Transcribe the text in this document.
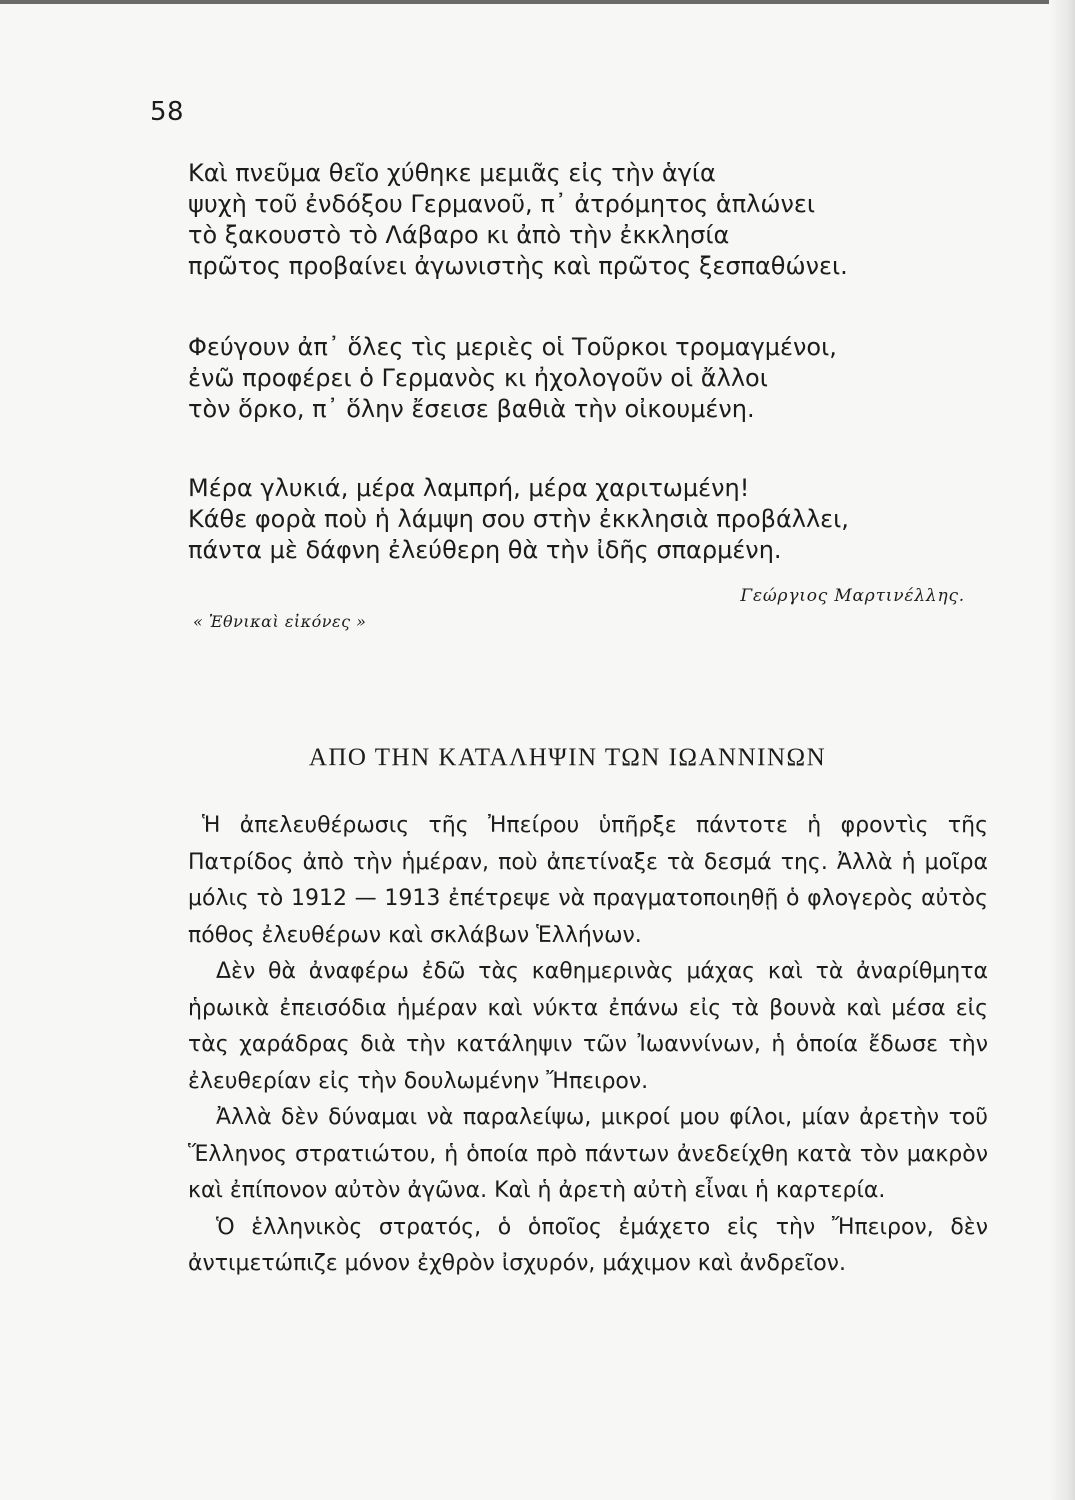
58
Καὶ πνεῦμα θεῖο χύθηκε μεμιᾶς εἰς τὴν ἁγία
ψυχὴ τοῦ ἐνδόξου Γερμανοῦ, π᾽ ἀτρόμητος ἁπλώνει
τὸ ξακουστὸ τὸ Λάβαρο κι ἀπὸ τὴν ἐκκλησία
πρῶτος προβαίνει ἀγωνιστὴς καὶ πρῶτος ξεσπαθώνει.
Φεύγουν ἀπ᾽ ὅλες τὶς μεριὲς οἱ Τοῦρκοι τρομαγμένοι,
ἐνῶ προφέρει ὁ Γερμανὸς κι ἠχολογοῦν οἱ ἄλλοι
τὸν ὅρκο, π᾽ ὅλην ἔσεισε βαθιὰ τὴν οἰκουμένη.
Μέρα γλυκιά, μέρα λαμπρή, μέρα χαριτωμένη!
Κάθε φορὰ ποὺ ἡ λάμψη σου στὴν ἐκκλησιὰ προβάλλει,
πάντα μὲ δάφνη ἐλεύθερη θὰ τὴν ἰδῆς σπαρμένη.
Γεώργιος Μαρτινέλλης.
« Ἐθνικαὶ εἰκόνες »
ΑΠΟ ΤΗΝ ΚΑΤΑΛΗΨΙΝ ΤΩΝ ΙΩΑΝΝΙΝΩΝ

Ἡ ἀπελευθέρωσις τῆς Ἠπείρου ὑπῆρξε πάντοτε ἡ φροντὶς τῆς Πατρίδος ἀπὸ τὴν ἡμέραν, ποὺ ἀπετίναξε τὰ δεσμά της. Ἀλλὰ ἡ μοῖρα μόλις τὸ 1912 — 1913 ἐπέτρεψε νὰ πραγματοποιηθῇ ὁ φλογερὸς αὐτὸς πόθος ἐλευθέρων καὶ σκλάβων Ἑλλήνων.

Δὲν θὰ ἀναφέρω ἐδῶ τὰς καθημερινὰς μάχας καὶ τὰ ἀναρίθμητα ἡρωικὰ ἐπεισόδια ἡμέραν καὶ νύκτα ἐπάνω εἰς τὰ βουνὰ καὶ μέσα εἰς τὰς χαράδρας διὰ τὴν κατάληψιν τῶν Ἰωαννίνων, ἡ ὁποία ἔδωσε τὴν ἐλευθερίαν εἰς τὴν δουλωμένην Ἤπειρον.

Ἀλλὰ δὲν δύναμαι νὰ παραλείψω, μικροί μου φίλοι, μίαν ἀρετὴν τοῦ Ἕλληνος στρατιώτου, ἡ ὁποία πρὸ πάντων ἀνεδείχθη κατὰ τὸν μακρὸν καὶ ἐπίπονον αὐτὸν ἀγῶνα. Καὶ ἡ ἀρετὴ αὐτὴ εἶναι ἡ καρτερία.

Ὁ ἑλληνικὸς στρατός, ὁ ὁποῖος ἐμάχετο εἰς τὴν Ἤπειρον, δὲν ἀντιμετώπιζε μόνον ἐχθρὸν ἰσχυρόν, μάχιμον καὶ ἀνδρεῖον.
